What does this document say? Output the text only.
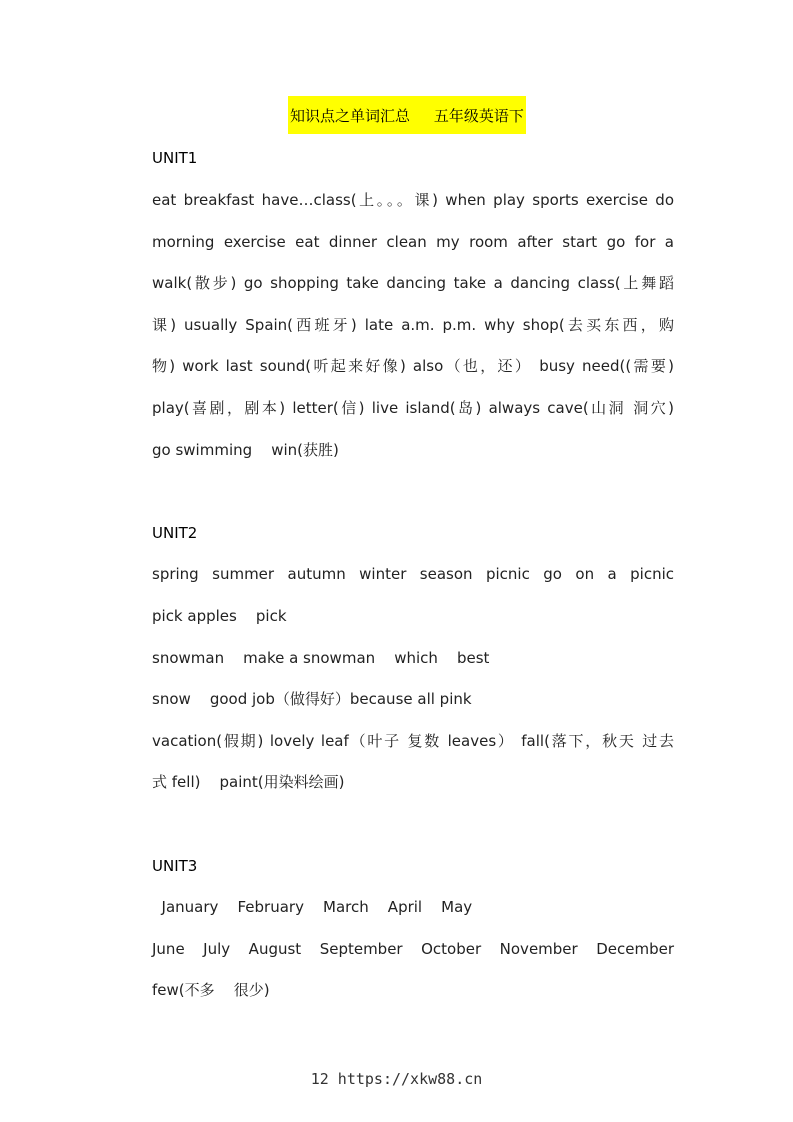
知识点之单词汇总     五年级英语下
UNIT1
eat breakfast have…class(上。。。课) when play sports exercise do
morning exercise eat dinner clean my room after start go for a
walk(散步) go shopping take dancing take a dancing class(上舞蹈
课) usually Spain(西班牙) late a.m. p.m. why shop(去买东西，购
物) work last sound(听起来好像) also（也，还） busy need((需要)
play(喜剧，剧本) letter(信) live island(岛) always cave(山洞 洞穴)
go swimming    win(获胜)
UNIT2
spring summer autumn winter season picnic go on a picnic
pick apples    pick
snowman    make a snowman    which    best
snow    good job（做得好）because all pink
vacation(假期) lovely leaf（叶子 复数 leaves） fall(落下，秋天 过去
式 fell)    paint(用染料绘画)
UNIT3
January    February    March    April    May
June July August September October November December
few(不多    很少)
12 https://xkw88.cn
